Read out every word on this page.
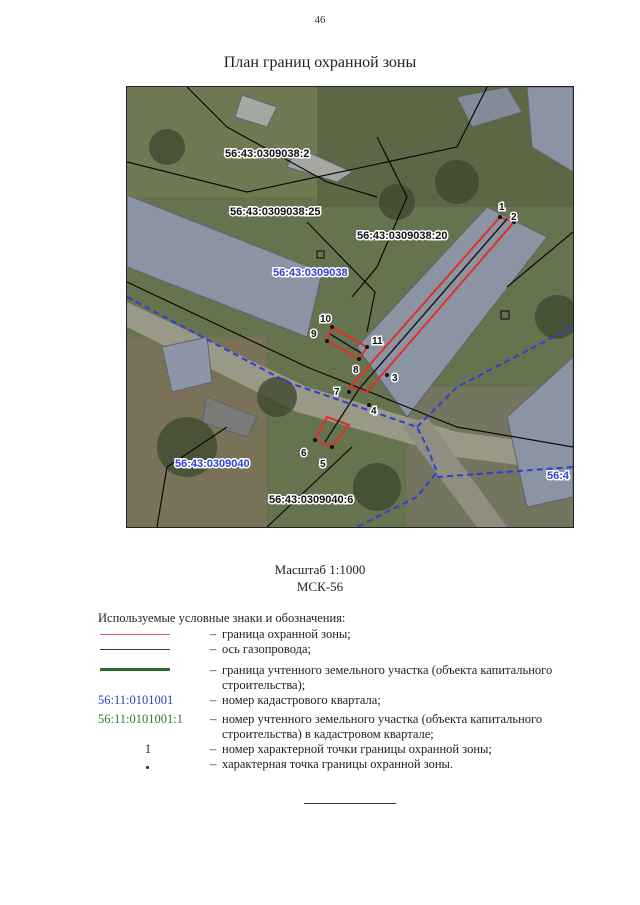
46
План границ охранной зоны
56:43:0309038:2
56:43:0309038:25
56:43:0309038:20
56:43:0309040:6
56:43:0309038
56:43:0309040
56:4
1
2
3
4
5
6
7
8
9
10
11
Масштаб 1:1000
МСК-56
Используемые условные знаки и обозначения:
– граница охранной зоны;
– ось газопровода;
– граница учтенного земельного участка (объекта капитального строительства);
56:11:0101001	– номер кадастрового квартала;
56:11:0101001:1	– номер учтенного земельного участка (объекта капитального строительства) в кадастровом квартале;
1	– номер характерной точки границы охранной зоны;
– характерная точка границы охранной зоны.
